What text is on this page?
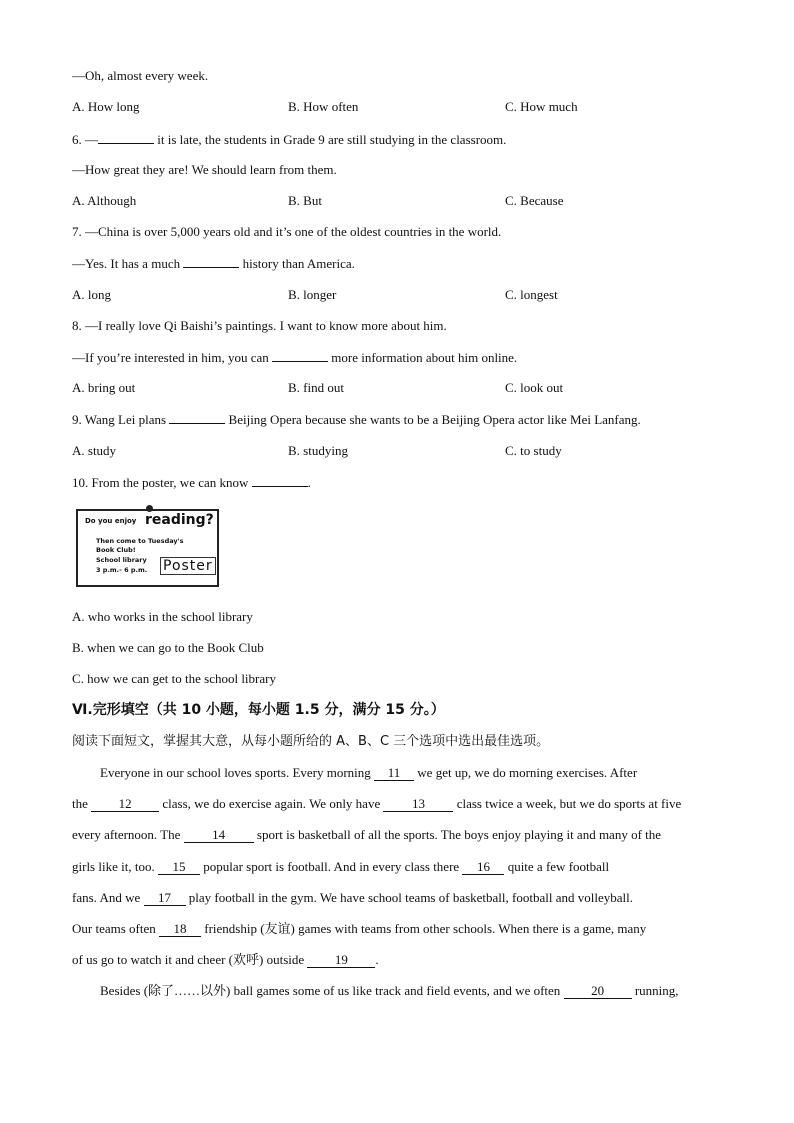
—Oh, almost every week.
A. How long	B. How often	C. How much
6. —	it is late, the students in Grade 9 are still studying in the classroom.
—How great they are! We should learn from them.
A. Although	B. But	C. Because
7. —China is over 5,000 years old and it’s one of the oldest countries in the world.
—Yes. It has a much	history than America.
A. long	B. longer	C. longest
8. —I really love Qi Baishi’s paintings. I want to know more about him.
—If you’re interested in him, you can	more information about him online.
A. bring out	B. find out	C. look out
9. Wang Lei plans	Beijing Opera because she wants to be a Beijing Opera actor like Mei Lanfang.
A. study	B. studying	C. to study
10. From the poster, we can know	.
Do you enjoy reading?
Then come to Tuesday's
Book Club!
School library
3 p.m.- 6 p.m. Poster
A. who works in the school library
B. when we can go to the Book Club
C. how we can get to the school library
Ⅵ.完形填空（共 10 小题，每小题 1.5 分，满分 15 分。）
阅读下面短文，掌握其大意，从每小题所给的 A、B、C 三个选项中选出最佳选项。
Everyone in our school loves sports. Every morning 11 we get up, we do morning exercises. After
the 12 class, we do exercise again. We only have 13 class twice a week, but we do sports at five
every afternoon. The 14 sport is basketball of all the sports. The boys enjoy playing it and many of the
girls like it, too. 15 popular sport is football. And in every class there 16 quite a few football
fans. And we 17 play football in the gym. We have school teams of basketball, football and volleyball.
Our teams often 18 friendship (友谊) games with teams from other schools. When there is a game, many
of us go to watch it and cheer (欢呼) outside 19 .
Besides (除了……以外) ball games some of us like track and field events, and we often 20 running,
